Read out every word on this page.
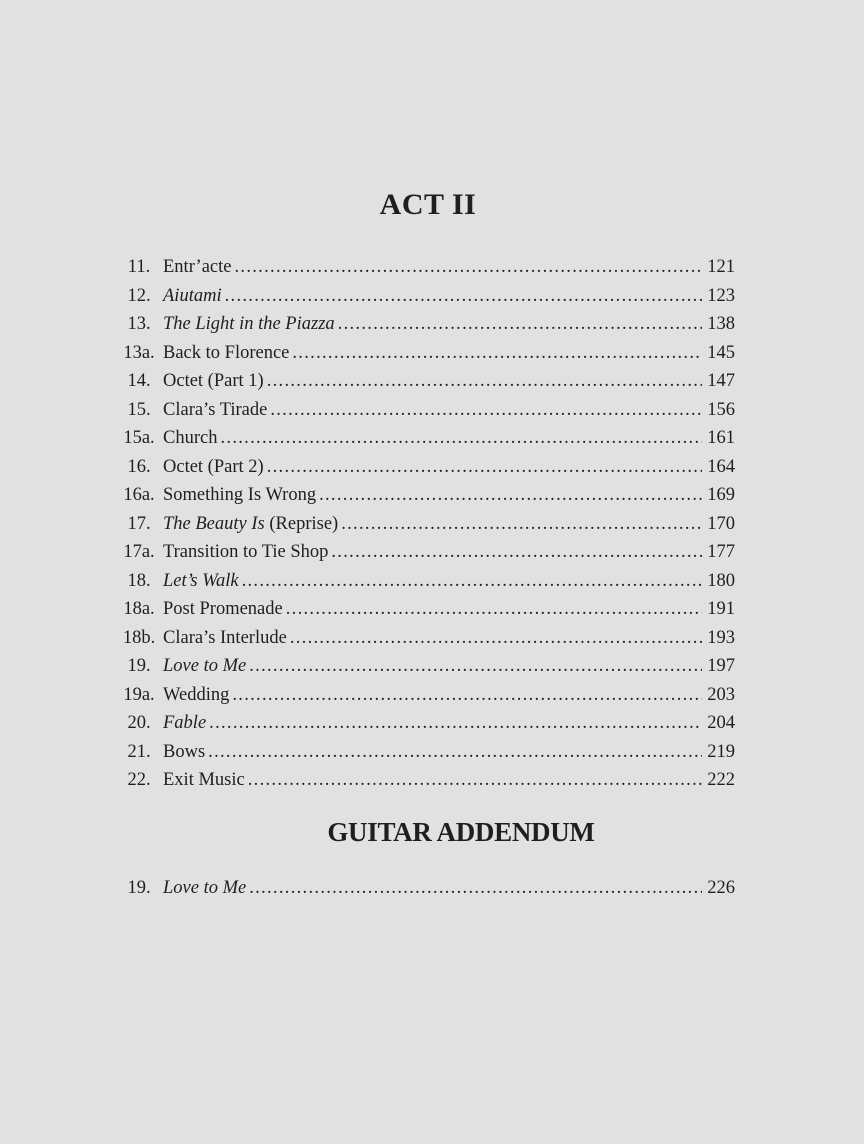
ACT II
11. Entr’acte .....	121
12. Aiutami .....	123
13. The Light in the Piazza .....	138
13a. Back to Florence .....	145
14. Octet (Part 1) .....	147
15. Clara’s Tirade .....	156
15a. Church .....	161
16. Octet (Part 2) .....	164
16a. Something Is Wrong .....	169
17. The Beauty Is (Reprise) .....	170
17a. Transition to Tie Shop .....	177
18. Let’s Walk .....	180
18a. Post Promenade .....	191
18b. Clara’s Interlude .....	193
19. Love to Me .....	197
19a. Wedding .....	203
20. Fable .....	204
21. Bows .....	219
22. Exit Music .....	222
GUITAR ADDENDUM
19. Love to Me .....	226
